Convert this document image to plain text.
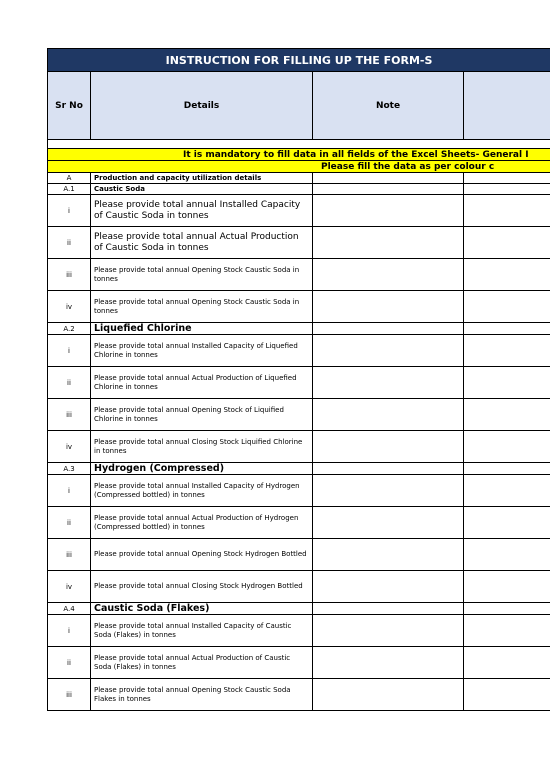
INSTRUCTION FOR FILLING UP THE FORM-S			
Sr No	Details	Note	

It is mandatory to fill data in all fields of the Excel Sheets- General I			
Please fill the data as per colour c			
A	Production and capacity utilization details		
A.1	Caustic Soda		
i	Please provide total annual Installed Capacity of Caustic Soda in tonnes		
ii	Please provide total annual Actual Production of Caustic Soda in tonnes		
iii	Please provide total annual Opening Stock Caustic Soda in tonnes		
iv	Please provide total annual Opening Stock Caustic Soda in tonnes		
A.2	Liquefied Chlorine		
i	Please provide total annual Installed Capacity of Liquefied Chlorine in tonnes		
ii	Please provide total annual Actual Production of Liquefied Chlorine in tonnes		
iii	Please provide total annual Opening Stock of Liquified Chlorine in tonnes		
iv	Please provide total annual Closing Stock Liquified Chlorine in tonnes		
A.3	Hydrogen (Compressed)		
i	Please provide total annual Installed Capacity of Hydrogen (Compressed bottled) in tonnes		
ii	Please provide total annual Actual Production of Hydrogen (Compressed bottled) in tonnes		
iii	Please provide total annual Opening Stock Hydrogen Bottled		
iv	Please provide total annual Closing Stock Hydrogen Bottled		
A.4	Caustic Soda (Flakes)		
i	Please provide total annual Installed Capacity of Caustic Soda (Flakes) in tonnes		
ii	Please provide total annual Actual Production of Caustic Soda (Flakes) in tonnes		
iii	Please provide total annual Opening Stock Caustic Soda Flakes in tonnes		
